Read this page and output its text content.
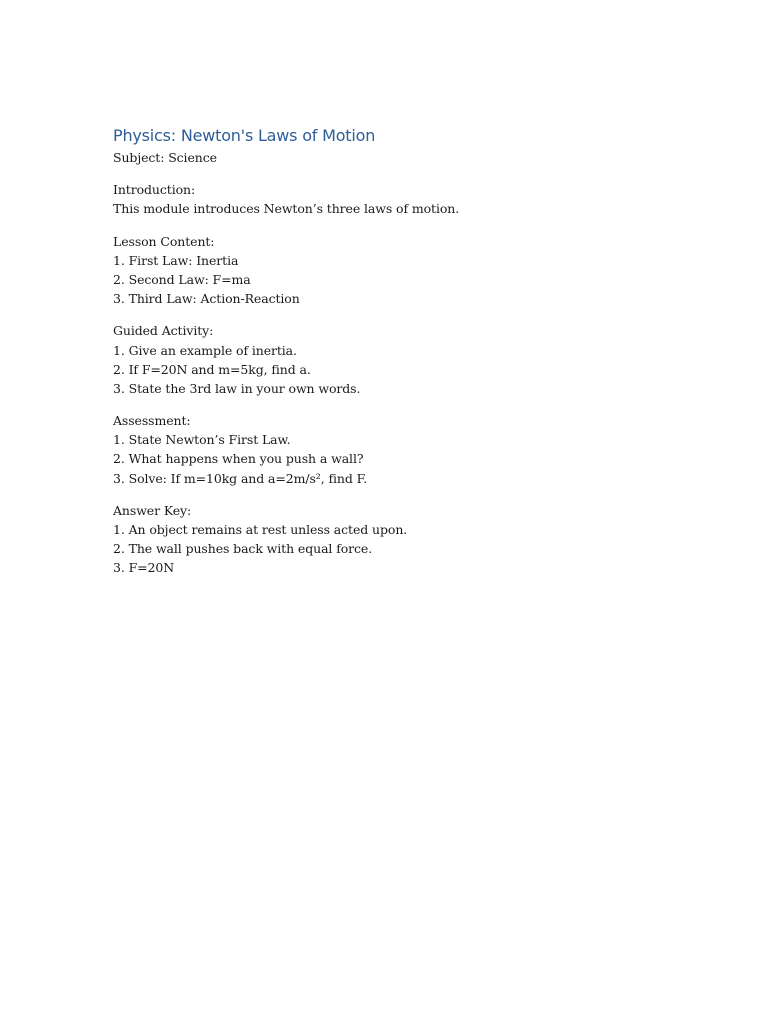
Physics: Newton's Laws of Motion

Subject: Science

Introduction:
This module introduces Newton’s three laws of motion.
Lesson Content:
1. First Law: Inertia
2. Second Law: F=ma
3. Third Law: Action-Reaction
Guided Activity:
1. Give an example of inertia.
2. If F=20N and m=5kg, find a.
3. State the 3rd law in your own words.
Assessment:
1. State Newton’s First Law.
2. What happens when you push a wall?
3. Solve: If m=10kg and a=2m/s², find F.
Answer Key:
1. An object remains at rest unless acted upon.
2. The wall pushes back with equal force.
3. F=20N
